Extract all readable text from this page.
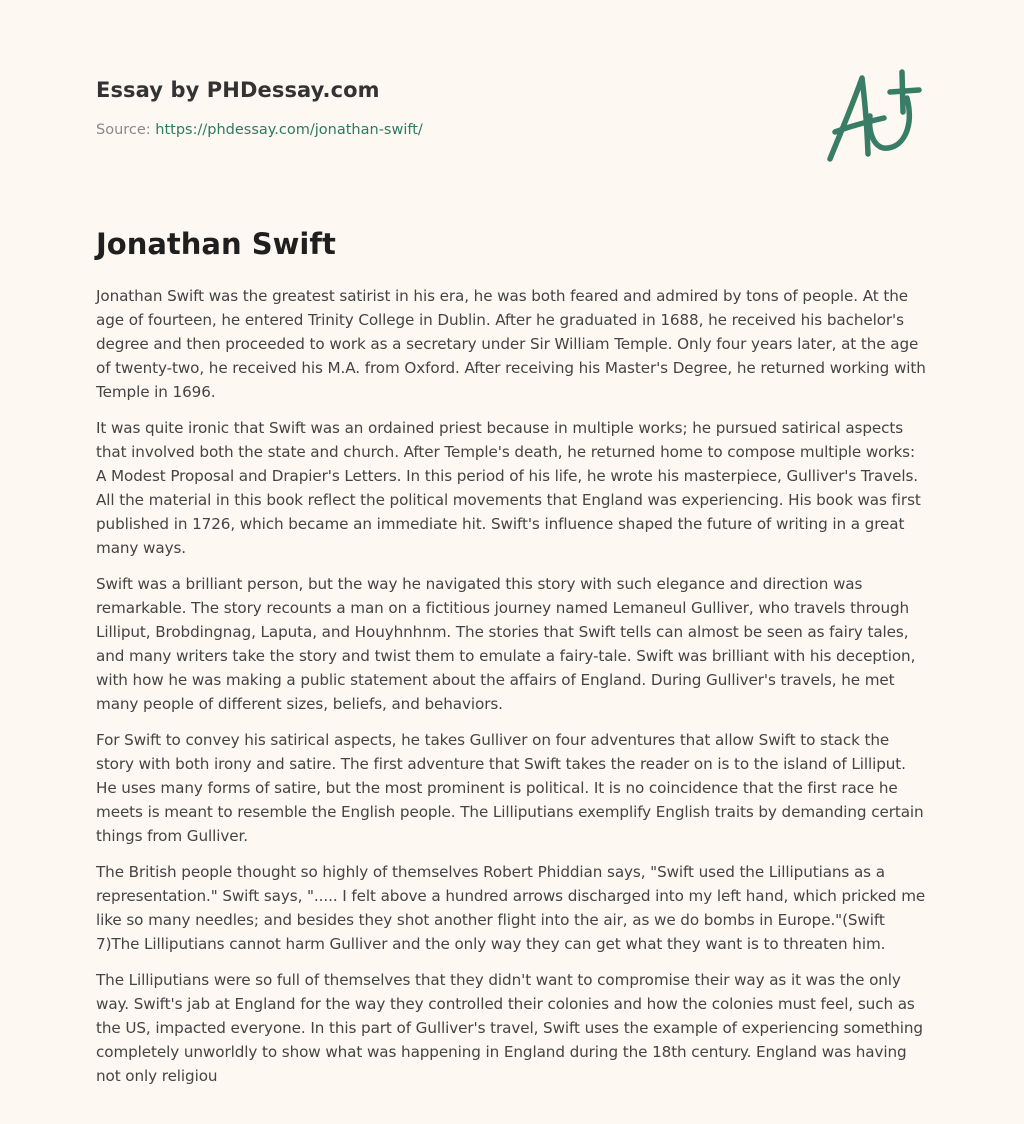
Essay by PHDessay.com
Source: https://phdessay.com/jonathan-swift/
Jonathan Swift

Jonathan Swift was the greatest satirist in his era, he was both feared and admired by tons of people. At the age of fourteen, he entered Trinity College in Dublin. After he graduated in 1688, he received his bachelor's degree and then proceeded to work as a secretary under Sir William Temple. Only four years later, at the age of twenty-two, he received his M.A. from Oxford. After receiving his Master's Degree, he returned working with Temple in 1696.

It was quite ironic that Swift was an ordained priest because in multiple works; he pursued satirical aspects that involved both the state and church. After Temple's death, he returned home to compose multiple works: A Modest Proposal and Drapier's Letters. In this period of his life, he wrote his masterpiece, Gulliver's Travels. All the material in this book reflect the political movements that England was experiencing. His book was first published in 1726, which became an immediate hit. Swift's influence shaped the future of writing in a great many ways.

Swift was a brilliant person, but the way he navigated this story with such elegance and direction was remarkable. The story recounts a man on a fictitious journey named Lemaneul Gulliver, who travels through Lilliput, Brobdingnag, Laputa, and Houyhnhnm. The stories that Swift tells can almost be seen as fairy tales, and many writers take the story and twist them to emulate a fairy-tale. Swift was brilliant with his deception, with how he was making a public statement about the affairs of England. During Gulliver's travels, he met many people of different sizes, beliefs, and behaviors.

For Swift to convey his satirical aspects, he takes Gulliver on four adventures that allow Swift to stack the story with both irony and satire. The first adventure that Swift takes the reader on is to the island of Lilliput. He uses many forms of satire, but the most prominent is political. It is no coincidence that the first race he meets is meant to resemble the English people. The Lilliputians exemplify English traits by demanding certain things from Gulliver.

The British people thought so highly of themselves Robert Phiddian says, "Swift used the Lilliputians as a representation." Swift says, "..... I felt above a hundred arrows discharged into my left hand, which pricked me like so many needles; and besides they shot another flight into the air, as we do bombs in Europe."(Swift 7)The Lilliputians cannot harm Gulliver and the only way they can get what they want is to threaten him.

The Lilliputians were so full of themselves that they didn't want to compromise their way as it was the only way. Swift's jab at England for the way they controlled their colonies and how the colonies must feel, such as the US, impacted everyone. In this part of Gulliver's travel, Swift uses the example of experiencing something completely unworldly to show what was happening in England during the 18th century. England was having not only religiou
